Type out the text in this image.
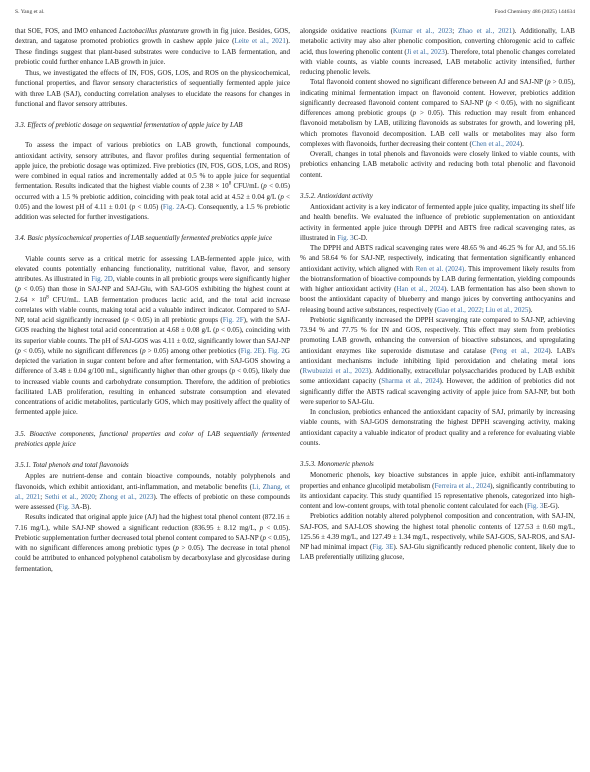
S. Yang et al.	Food Chemistry 486 (2025) 144634

that SOE, FOS, and IMO enhanced Lactobacillus plantarum growth in fig juice. Besides, GOS, dextran, and tagatose promoted probiotics growth in cashew apple juice (Leite et al., 2021). These findings suggest that plant-based substrates were conducive to LAB fermentation, and prebiotic could further enhance LAB growth in juice.

Thus, we investigated the effects of IN, FOS, GOS, LOS, and ROS on the physicochemical, functional properties, and flavor sensory characteristics of sequentially fermented apple juice with three LAB (SAJ), conducting correlation analyses to elucidate the reasons for changes in functional and flavor sensory attributes.

3.3. Effects of prebiotic dosage on sequential fermentation of apple juice by LAB

To assess the impact of various prebiotics on LAB growth, functional compounds, antioxidant activity, sensory attributes, and flavor profiles during sequential fermentation of apple juice, the prebiotic dosage was optimized. Five prebiotics (IN, FOS, GOS, LOS, and ROS) were combined in equal ratios and incrementally added at 0.5 % to apple juice for sequential fermentation. Results indicated that the highest viable counts of $2.38 \times 10^8$ CFU/mL (p < 0.05) occurred with a 1.5 % prebiotic addition, coinciding with peak total acid at 4.52 ± 0.04 g/L (p < 0.05) and the lowest pH of 4.11 ± 0.01 (p < 0.05) (Fig. 2A-C). Consequently, a 1.5 % prebiotic addition was selected for further investigations.

3.4. Basic physicochemical properties of LAB sequentially fermented prebiotics apple juice

Viable counts serve as a critical metric for assessing LAB-fermented apple juice, with elevated counts potentially enhancing functionality, nutritional value, flavor, and sensory attributes. As illustrated in Fig. 2D, viable counts in all prebiotic groups were significantly higher (p < 0.05) than those in SAJ-NP and SAJ-Glu, with SAJ-GOS exhibiting the highest count at $2.64 \times 10^8$ CFU/mL. LAB fermentation produces lactic acid, and the total acid increase correlates with viable counts, making total acid a valuable indirect indicator. Compared to SAJ-NP, total acid significantly increased (p < 0.05) in all prebiotic groups (Fig. 2F), with the SAJ-GOS reaching the highest total acid concentration at 4.68 ± 0.08 g/L (p < 0.05), coinciding with its superior viable counts. The pH of SAJ-GOS was 4.11 ± 0.02, significantly lower than SAJ-NP (p < 0.05), while no significant differences (p > 0.05) among other prebiotics (Fig. 2E). Fig. 2G depicted the variation in sugar content before and after fermentation, with SAJ-GOS showing a difference of 3.48 ± 0.04 g/100 mL, significantly higher than other groups (p < 0.05), likely due to increased viable counts and carbohydrate consumption. Therefore, the addition of prebiotics facilitated LAB proliferation, resulting in enhanced substrate consumption and elevated concentrations of acidic metabolites, particularly GOS, which may positively affect the quality of fermented apple juice.

3.5. Bioactive components, functional properties and color of LAB sequentially fermented prebiotics apple juice
3.5.1. Total phenols and total flavonoids

Apples are nutrient-dense and contain bioactive compounds, notably polyphenols and flavonoids, which exhibit antioxidant, anti-inflammation, and metabolic benefits (Li, Zhang, et al., 2021; Sethi et al., 2020; Zhong et al., 2023). The effects of prebiotic on these compounds were assessed (Fig. 3A-B).

Results indicated that original apple juice (AJ) had the highest total phenol content (872.16 ± 7.16 mg/L), while SAJ-NP showed a significant reduction (836.95 ± 8.12 mg/L, p < 0.05). Prebiotic supplementation further decreased total phenol content compared to SAJ-NP (p < 0.05), with no significant differences among prebiotic types (p > 0.05). The decrease in total phenol could be attributed to enhanced polyphenol catabolism by decarboxylase and glycosidase during fermentation,

alongside oxidative reactions (Kumar et al., 2023; Zhao et al., 2021). Additionally, LAB metabolic activity may also alter phenolic composition, converting chlorogenic acid to caffeic acid, thus lowering phenolic content (Ji et al., 2023). Therefore, total phenolic changes correlated with viable counts, as viable counts increased, LAB metabolic activity intensified, further reducing phenolic levels.

Total flavonoid content showed no significant difference between AJ and SAJ-NP (p > 0.05), indicating minimal fermentation impact on flavonoid content. However, prebiotics addition significantly decreased flavonoid content compared to SAJ-NP (p < 0.05), with no significant differences among prebiotic groups (p > 0.05). This reduction may result from enhanced flavonoid metabolism by LAB, utilizing flavonoids as substrates for growth, and lowering pH, which promotes flavonoid decomposition. LAB cell walls or metabolites may also form complexes with flavonoids, further decreasing their content (Chen et al., 2024).

Overall, changes in total phenols and flavonoids were closely linked to viable counts, with prebiotics enhancing LAB metabolic activity and reducing both total phenolic and flavonoid content.

3.5.2. Antioxidant activity

Antioxidant activity is a key indicator of fermented apple juice quality, impacting its shelf life and health benefits. We evaluated the influence of prebiotic supplementation on antioxidant activity in fermented apple juice through DPPH and ABTS free radical scavenging rates, as illustrated in Fig. 3C-D.

The DPPH and ABTS radical scavenging rates were 48.65 % and 46.25 % for AJ, and 55.16 % and 58.64 % for SAJ-NP, respectively, indicating that fermentation significantly enhanced antioxidant activity, which aligned with Ren et al. (2024). This improvement likely results from the biotransformation of bioactive compounds by LAB during fermentation, yielding compounds with higher antioxidant activity (Han et al., 2024). LAB fermentation has also been shown to boost the antioxidant capacity of blueberry and mango juices by converting anthocyanins and releasing bound active substances, respectively (Gao et al., 2022; Liu et al., 2025).

Prebiotic significantly increased the DPPH scavenging rate compared to SAJ-NP, achieving 73.94 % and 77.75 % for IN and GOS, respectively. This effect may stem from prebiotics promoting LAB growth, enhancing the conversion of bioactive substances, and upregulating antioxidant enzymes like superoxide dismutase and catalase (Peng et al., 2024). LAB's antioxidant mechanisms include inhibiting lipid peroxidation and chelating metal ions (Rwubuzizi et al., 2023). Additionally, extracellular polysaccharides produced by LAB exhibit some antioxidant capacity (Sharma et al., 2024). However, the addition of prebiotics did not significantly differ the ABTS radical scavenging activity of apple juice from SAJ-NP, but both were superior to SAJ-Glu.

In conclusion, prebiotics enhanced the antioxidant capacity of SAJ, primarily by increasing viable counts, with SAJ-GOS demonstrating the highest DPPH scavenging activity, making antioxidant capacity a valuable indicator of product quality and a reference for evaluating viable counts.

3.5.3. Monomeric phenols

Monomeric phenols, key bioactive substances in apple juice, exhibit anti-inflammatory properties and enhance glucolipid metabolism (Ferreira et al., 2024), significantly contributing to its antioxidant capacity. This study quantified 15 representative phenols, categorized into high-content and low-content groups, with total phenolic content calculated for each (Fig. 3E-G).

Prebiotics addition notably altered polyphenol composition and concentration, with SAJ-IN, SAJ-FOS, and SAJ-LOS showing the highest total phenolic contents of 127.53 ± 0.60 mg/L, 125.56 ± 4.39 mg/L, and 127.49 ± 1.34 mg/L, respectively, while SAJ-GOS, SAJ-ROS, and SAJ-NP had minimal impact (Fig. 3E). SAJ-Glu significantly reduced phenolic content, likely due to LAB preferentially utilizing glucose,
